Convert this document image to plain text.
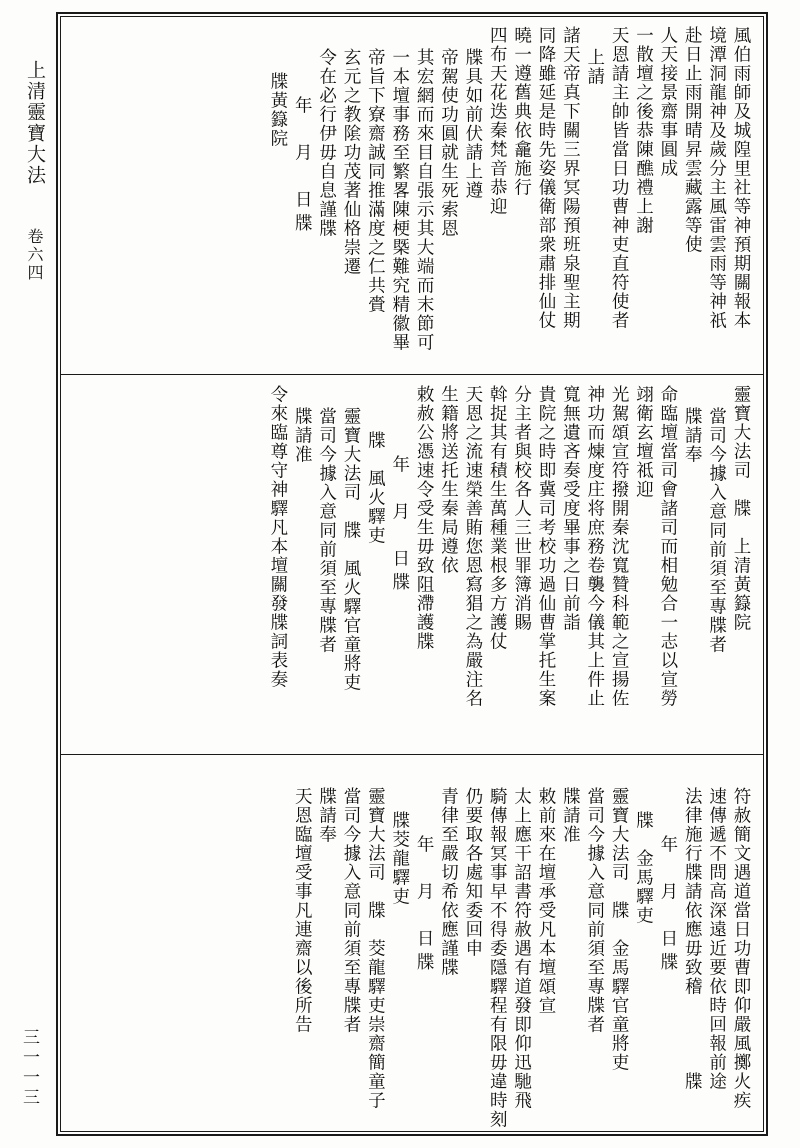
上清靈寶大法
卷六四
三一一三
風伯雨師及城隍里社等神預期關報本
境潭洞龍神及歲分主風雷雲雨等神祇
赴日止雨開晴昇雲藏露等使
人天接景齋事圓成
一散壇之後恭陳醮禮上謝
天恩請主帥皆當日功曹神吏直符使者
上請
諸天帝真下關三界冥陽預班泉聖主期
同降雖延是時先姿儀衛部衆肅排仙仗
曉一遵舊典依龕施行
四布天花迭秦梵音恭迎
牒具如前伏請上遵
帝駕使功圓就生死索恩
其宏網而來目自張示其大端而末節可
一本壇事務至繁畧陳梗槩難究精徽畢
帝旨下寮齋誠同推滿度之仁共賫
玄元之教隂功茂著仙格崇遷
令在必行伊毋自息謹牒
年　月　日牒
牒黃籙院
靈寶大法司　牒　上清黃籙院
當司今據入意同前須至專牒者
牒請奉
命臨壇當司會諸司而相勉合一志以宣勞
翊衛玄壇祗迎
光駕頌宣符撥開秦沈寬贊科範之宣揚佐
神功而煉度庄将庶務卷襲今儀其上件止
寬無遺吝奏受度畢事之日前詣
貴院之時即冀司考校功過仙曹掌托生案
分主者與校各人三世罪簿消賜
斡捉其有積生萬種業根多方護仗
天恩之流速榮善賄您恩寫猖之為嚴注名
生籍將送托生秦局遵依
敕赦公憑速令受生毋致阻滯護牒
年　月　日牒
牒　風火驛吏
靈寶大法司　牒　風火驛官童將吏
當司今據入意同前須至專牒者
牒請准
令來臨尊守神驛凡本壇關發牒詞表奏
符赦簡文遇道當日功曹即仰嚴風擲火疾
速傳遞不問高深遠近要依時回報前途
法律施行牒請依應毋致稽　　　　牒
年　月　日牒
牒　金馬驛吏
靈寶大法司　牒　金馬驛官童將吏
當司今據入意同前須至專牒者
牒請准
敕前來在壇承受凡本壇頌宣
太上應干詔書符赦遇有道發即仰迅馳飛
騎傳報冥事早不得委隱驛程有限毋違時刻
仍要取各處知委回申
青律至嚴切希依應謹牒
年　月　日牒
牒茭龍驛吏
靈寶大法司　牒　茭龍驛吏崇齋簡童子
當司今據入意同前須至專牒者
牒請奉
天恩臨壇受事凡連齋以後所告
